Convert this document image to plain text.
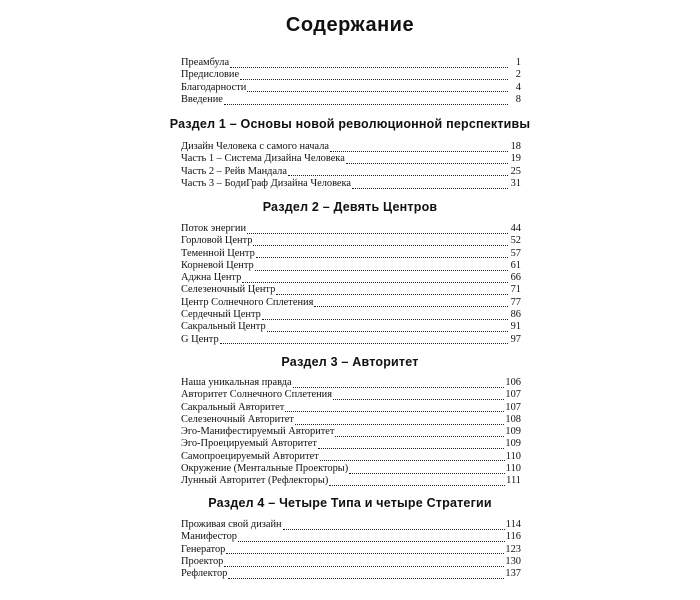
Содержание
Преамбула	1
Предисловие	2
Благодарности	4
Введение	8
Раздел 1 – Основы новой революционной перспективы
Дизайн Человека с самого начала	18
Часть 1 – Система Дизайна Человека	19
Часть 2 – Рейв Мандала	25
Часть 3 – БодиГраф Дизайна Человека	31
Раздел 2 – Девять Центров
Поток энергии	44
Горловой Центр	52
Теменной Центр	57
Корневой Центр	61
Аджна Центр	66
Селезеночный Центр	71
Центр Солнечного Сплетения	77
Сердечный Центр	86
Сакральный Центр	91
G Центр	97
Раздел 3 – Авторитет
Наша уникальная правда	106
Авторитет Солнечного Сплетения	107
Сакральный Авторитет	107
Селезеночный Авторитет	108
Эго-Манифестируемый Авторитет	109
Эго-Проецируемый Авторитет	109
Самопроецируемый Авторитет	110
Окружение (Ментальные Проекторы)	110
Лунный Авторитет (Рефлекторы)	111
Раздел 4 – Четыре Типа и четыре Стратегии
Проживая свой дизайн	114
Манифестор	116
Генератор	123
Проектор	130
Рефлектор	137
